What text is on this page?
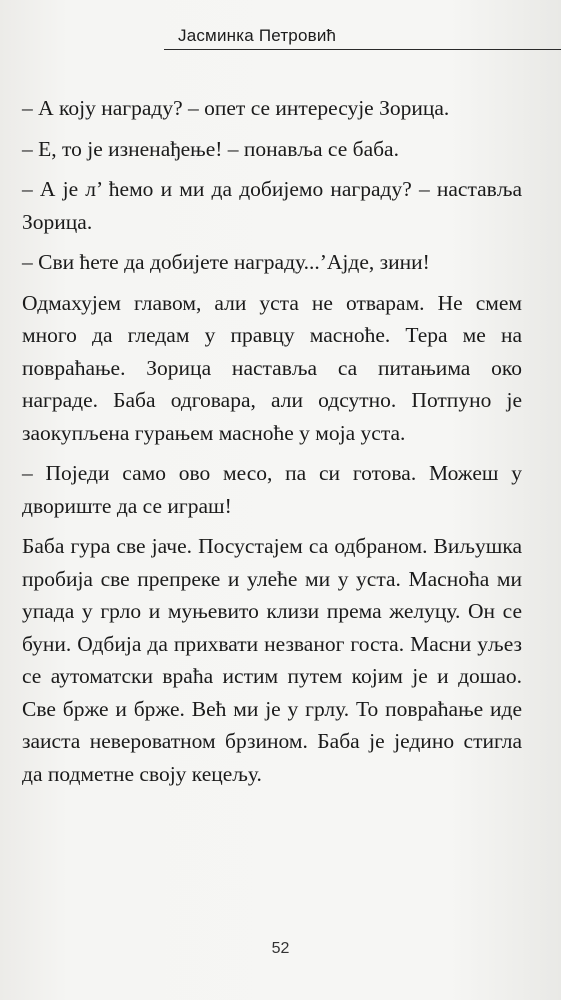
Јасминка Петровић

– А коју награду? – опет се интересује Зорица.

– Е, то је изненађење! – понавља се баба.

– А је л’ ћемо и ми да добијемо награду? – наставља Зорица.

– Сви ћете да добијете награду...’Ајде, зини!

Одмахујем главом, али уста не отварам. Не смем много да гледам у правцу масноће. Тера ме на повраћање. Зорица наставља са питањима око награде. Баба одговара, али одсутно. Потпуно је заокупљена гурањем масноће у моја уста.

– Поједи само ово месо, па си готова. Можеш у двориште да се играш!

Баба гура све јаче. Посустајем са одбраном. Виљушка пробија све препреке и улеће ми у уста. Масноћа ми упада у грло и муњевито клизи према желуцу. Он се буни. Одбија да прихвати незваног госта. Масни уљез се аутоматски враћа истим путем којим је и дошао. Све брже и брже. Већ ми је у грлу. То повраћање иде заиста невероватном брзином. Баба је једино стигла да подметне своју кецељу.

52
